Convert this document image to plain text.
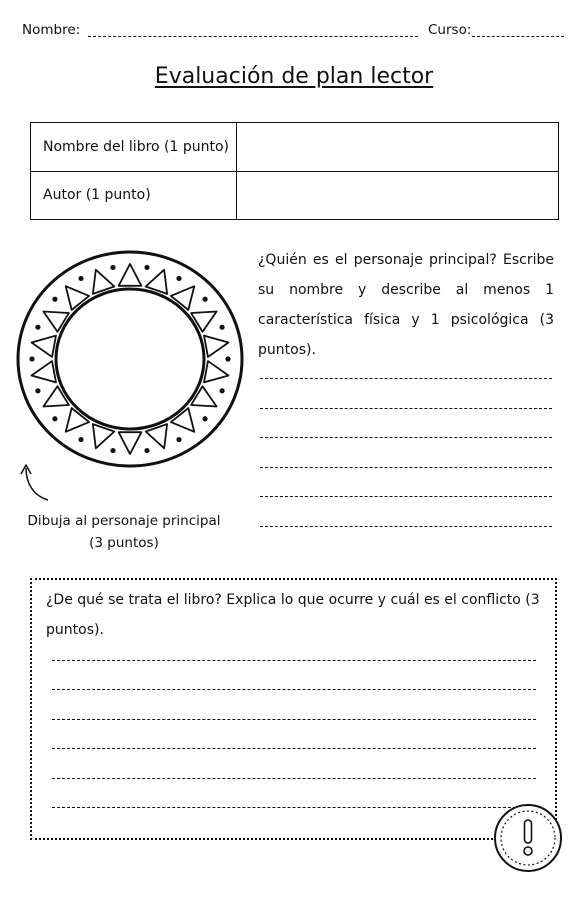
Nombre:	Curso:
Evaluación de plan lector
Nombre del libro (1 punto)
Autor (1 punto)
Dibuja al personaje principal
(3 puntos)
¿Quién es el personaje principal? Escribe su nombre y describe al menos 1 característica física y 1 psicológica (3 puntos).
¿De qué se trata el libro? Explica lo que ocurre y cuál es el conflicto (3 puntos).
